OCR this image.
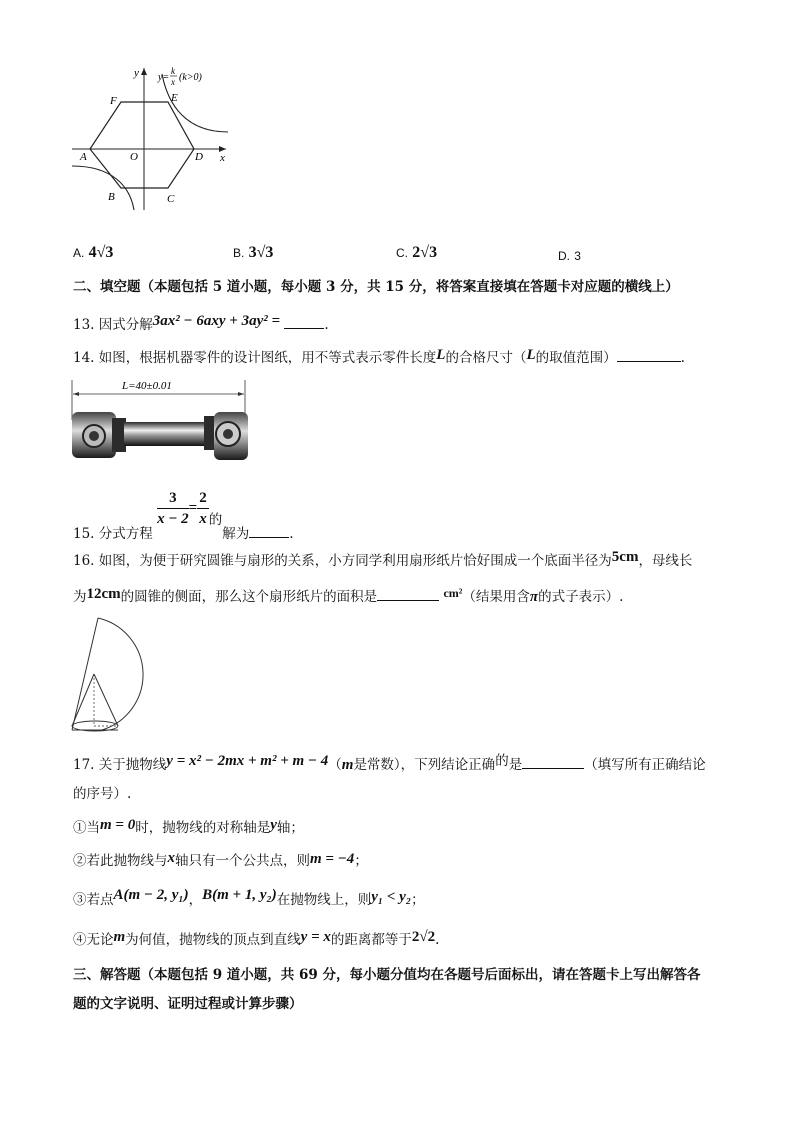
y y=
k
x (k>0)
F	E
A	O	D x
B	C
A. 4√3	B. 3√3	C. 2√3	D. 3
二、填空题（本题包括 5 道小题，每小题 3 分，共 15 分，将答案直接填在答题卡对应题的横线上）
13. 因式分解3ax² − 6axy + 3ay² =	.
14. 如图，根据机器零件的设计图纸，用不等式表示零件长度L的合格尺寸（L的取值范围）	.
L=40±0.01
15. 分式方程
$\frac{3}{x - 2} = \frac{2}{x}$ 的解为	.
16. 如图，为便于研究圆锥与扇形的关系，小方同学利用扇形纸片恰好围成一个底面半径为5cm，母线长
为12cm的圆锥的侧面，那么这个扇形纸片的面积是	cm²（结果用含π的式子表示）.
17. 关于抛物线y = x² − 2mx + m² + m − 4（m是常数），下列结论正确的是	（填写所有正确结论
的序号）.
①当m = 0时，抛物线的对称轴是y轴；
②若此抛物线与x轴只有一个公共点，则m = −4；
③若点A(m − 2, y₁)，B(m + 1, y₂)在抛物线上，则y₁ < y₂；
④无论m为何值，抛物线的顶点到直线y = x的距离都等于2√2.
三、解答题（本题包括 9 道小题，共 69 分，每小题分值均在各题号后面标出，请在答题卡上写出解答各
题的文字说明、证明过程或计算步骤）
